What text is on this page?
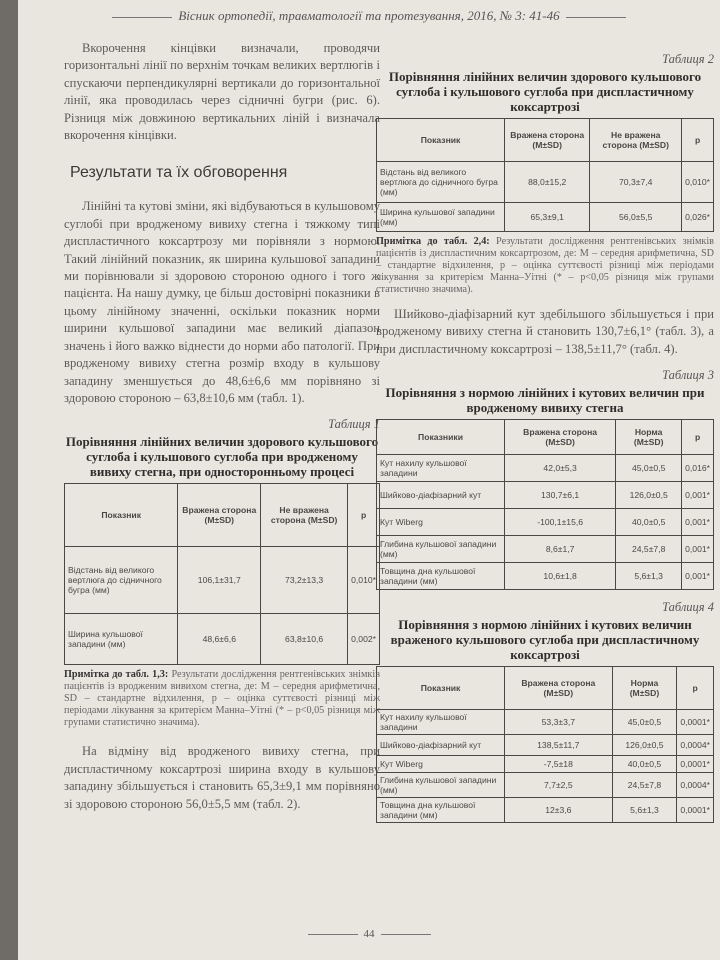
Вісник ортопедії, травматології та протезування, 2016, № 3: 41-46

Вкорочення кінцівки визначали, проводячи горизонтальні лінії по верхнім точкам великих вертлюгів і спускаючи перпендикулярні вертикали до горизонтальної лінії, яка проводилась через сідничні бугри (рис. 6). Різниця між довжиною вертикальних ліній і визначала вкорочення кінцівки.

Результати та їх обговорення

Лінійні та кутові зміни, які відбуваються в кульшовому суглобі при вродженому вивиху стегна і тяжкому типі диспластичного коксартрозу ми порівняли з нормою. Такий лінійний показник, як ширина кульшової западини ми порівнювали зі здоровою стороною одного і того ж пацієнта. На нашу думку, це більш достовірні показники в цьому лінійному значенні, оскільки показник норми ширини кульшової западини має великий діапазон значень і його важко віднести до норми або патології. При вродженому вивиху стегна розмір входу в кульшову западину зменшується до 48,6±6,6 мм порівняно зі здоровою стороною – 63,8±10,6 мм (табл. 1).

Таблиця 1
Порівняння лінійних величин здорового кульшового суглоба і кульшового суглоба при вродженому вивиху стегна, при односторонньому процесі
Показник	Вражена сторона (M±SD)	Не вражена сторона (M±SD)	p
Відстань від великого вертлюга до сідничного бугра (мм)	106,1±31,7	73,2±13,3	0,010*
Ширина кульшової западини (мм)	48,6±6,6	63,8±10,6	0,002*

Примітка до табл. 1,3: Результати дослідження рентгенівських знімків пацієнтів із вродженим вивихом стегна, де: M – середня арифметична, SD – стандартне відхилення, p – оцінка суттєвості різниці між періодами лікування за критерієм Манна–Уітні (* – p<0,05 різниця між групами статистично значима).

На відміну від вродженого вивиху стегна, при диспластичному коксартрозі ширина входу в кульшову западину збільшується і становить 65,3±9,1 мм порівняно зі здоровою стороною 56,0±5,5 мм (табл. 2).

Таблиця 2
Порівняння лінійних величин здорового кульшового суглоба і кульшового суглоба при диспластичному коксартрозі
Показник	Вражена сторона (M±SD)	Не вражена сторона (M±SD)	p
Відстань від великого вертлюга до сідничного бугра (мм)	88,0±15,2	70,3±7,4	0,010*
Ширина кульшової западини (мм)	65,3±9,1	56,0±5,5	0,026*

Примітка до табл. 2,4: Результати дослідження рентгенівських знімків пацієнтів із диспластичним коксартрозом, де: M – середня арифметична, SD – стандартне відхилення, p – оцінка суттєвості різниці між періодами лікування за критерієм Манна–Уітні (* – p<0,05 різниця між групами статистично значима).

Шийково-діафізарний кут здебільшого збільшується і при вродженому вивиху стегна й становить 130,7±6,1° (табл. 3), а при диспластичному коксартрозі – 138,5±11,7° (табл. 4).

Таблиця 3
Порівняння з нормою лінійних і кутових величин при вродженому вивиху стегна
Показники	Вражена сторона (M±SD)	Норма (M±SD)	p
Кут нахилу кульшової западини	42,0±5,3	45,0±0,5	0,016*
Шийково-діафізарний кут	130,7±6,1	126,0±0,5	0,001*
Кут Wiberg	-100,1±15,6	40,0±0,5	0,001*
Глибина кульшової западини (мм)	8,6±1,7	24,5±7,8	0,001*
Товщина дна кульшової западини (мм)	10,6±1,8	5,6±1,3	0,001*
Таблиця 4
Порівняння з нормою лінійних і кутових величин враженого кульшового суглоба при диспластичному коксартрозі
Показник	Вражена сторона (M±SD)	Норма (M±SD)	p
Кут нахилу кульшової западини	53,3±3,7	45,0±0,5	0,0001*
Шийково-діафізарний кут	138,5±11,7	126,0±0,5	0,0004*
Кут Wiberg	-7,5±18	40,0±0,5	0,0001*
Глибина кульшової западини (мм)	7,7±2,5	24,5±7,8	0,0004*
Товщина дна кульшової западини (мм)	12±3,6	5,6±1,3	0,0001*
44
